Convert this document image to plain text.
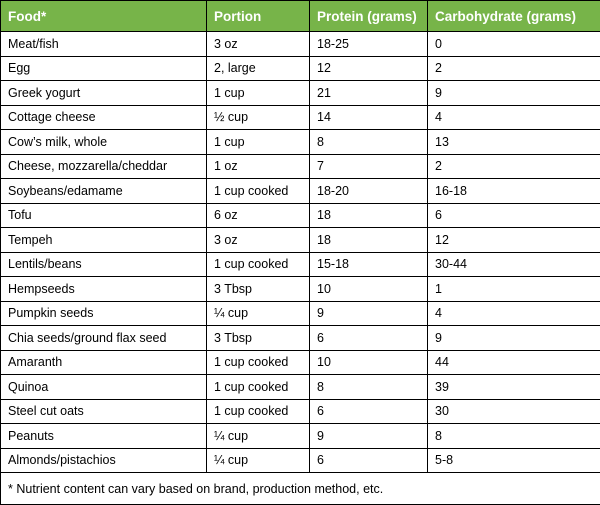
Food*	Portion	Protein (grams)	Carbohydrate (grams)
Meat/fish	3 oz	18-25	0
Egg	2, large	12	2
Greek yogurt	1 cup	21	9
Cottage cheese	½ cup	14	4
Cow’s milk, whole	1 cup	8	13
Cheese, mozzarella/cheddar	1 oz	7	2
Soybeans/edamame	1 cup cooked	18-20	16-18
Tofu	6 oz	18	6
Tempeh	3 oz	18	12
Lentils/beans	1 cup cooked	15-18	30-44
Hempseeds	3 Tbsp	10	1
Pumpkin seeds	¼ cup	9	4
Chia seeds/ground flax seed	3 Tbsp	6	9
Amaranth	1 cup cooked	10	44
Quinoa	1 cup cooked	8	39
Steel cut oats	1 cup cooked	6	30
Peanuts	¼ cup	9	8
Almonds/pistachios	¼ cup	6	5-8
* Nutrient content can vary based on brand, production method, etc.			
